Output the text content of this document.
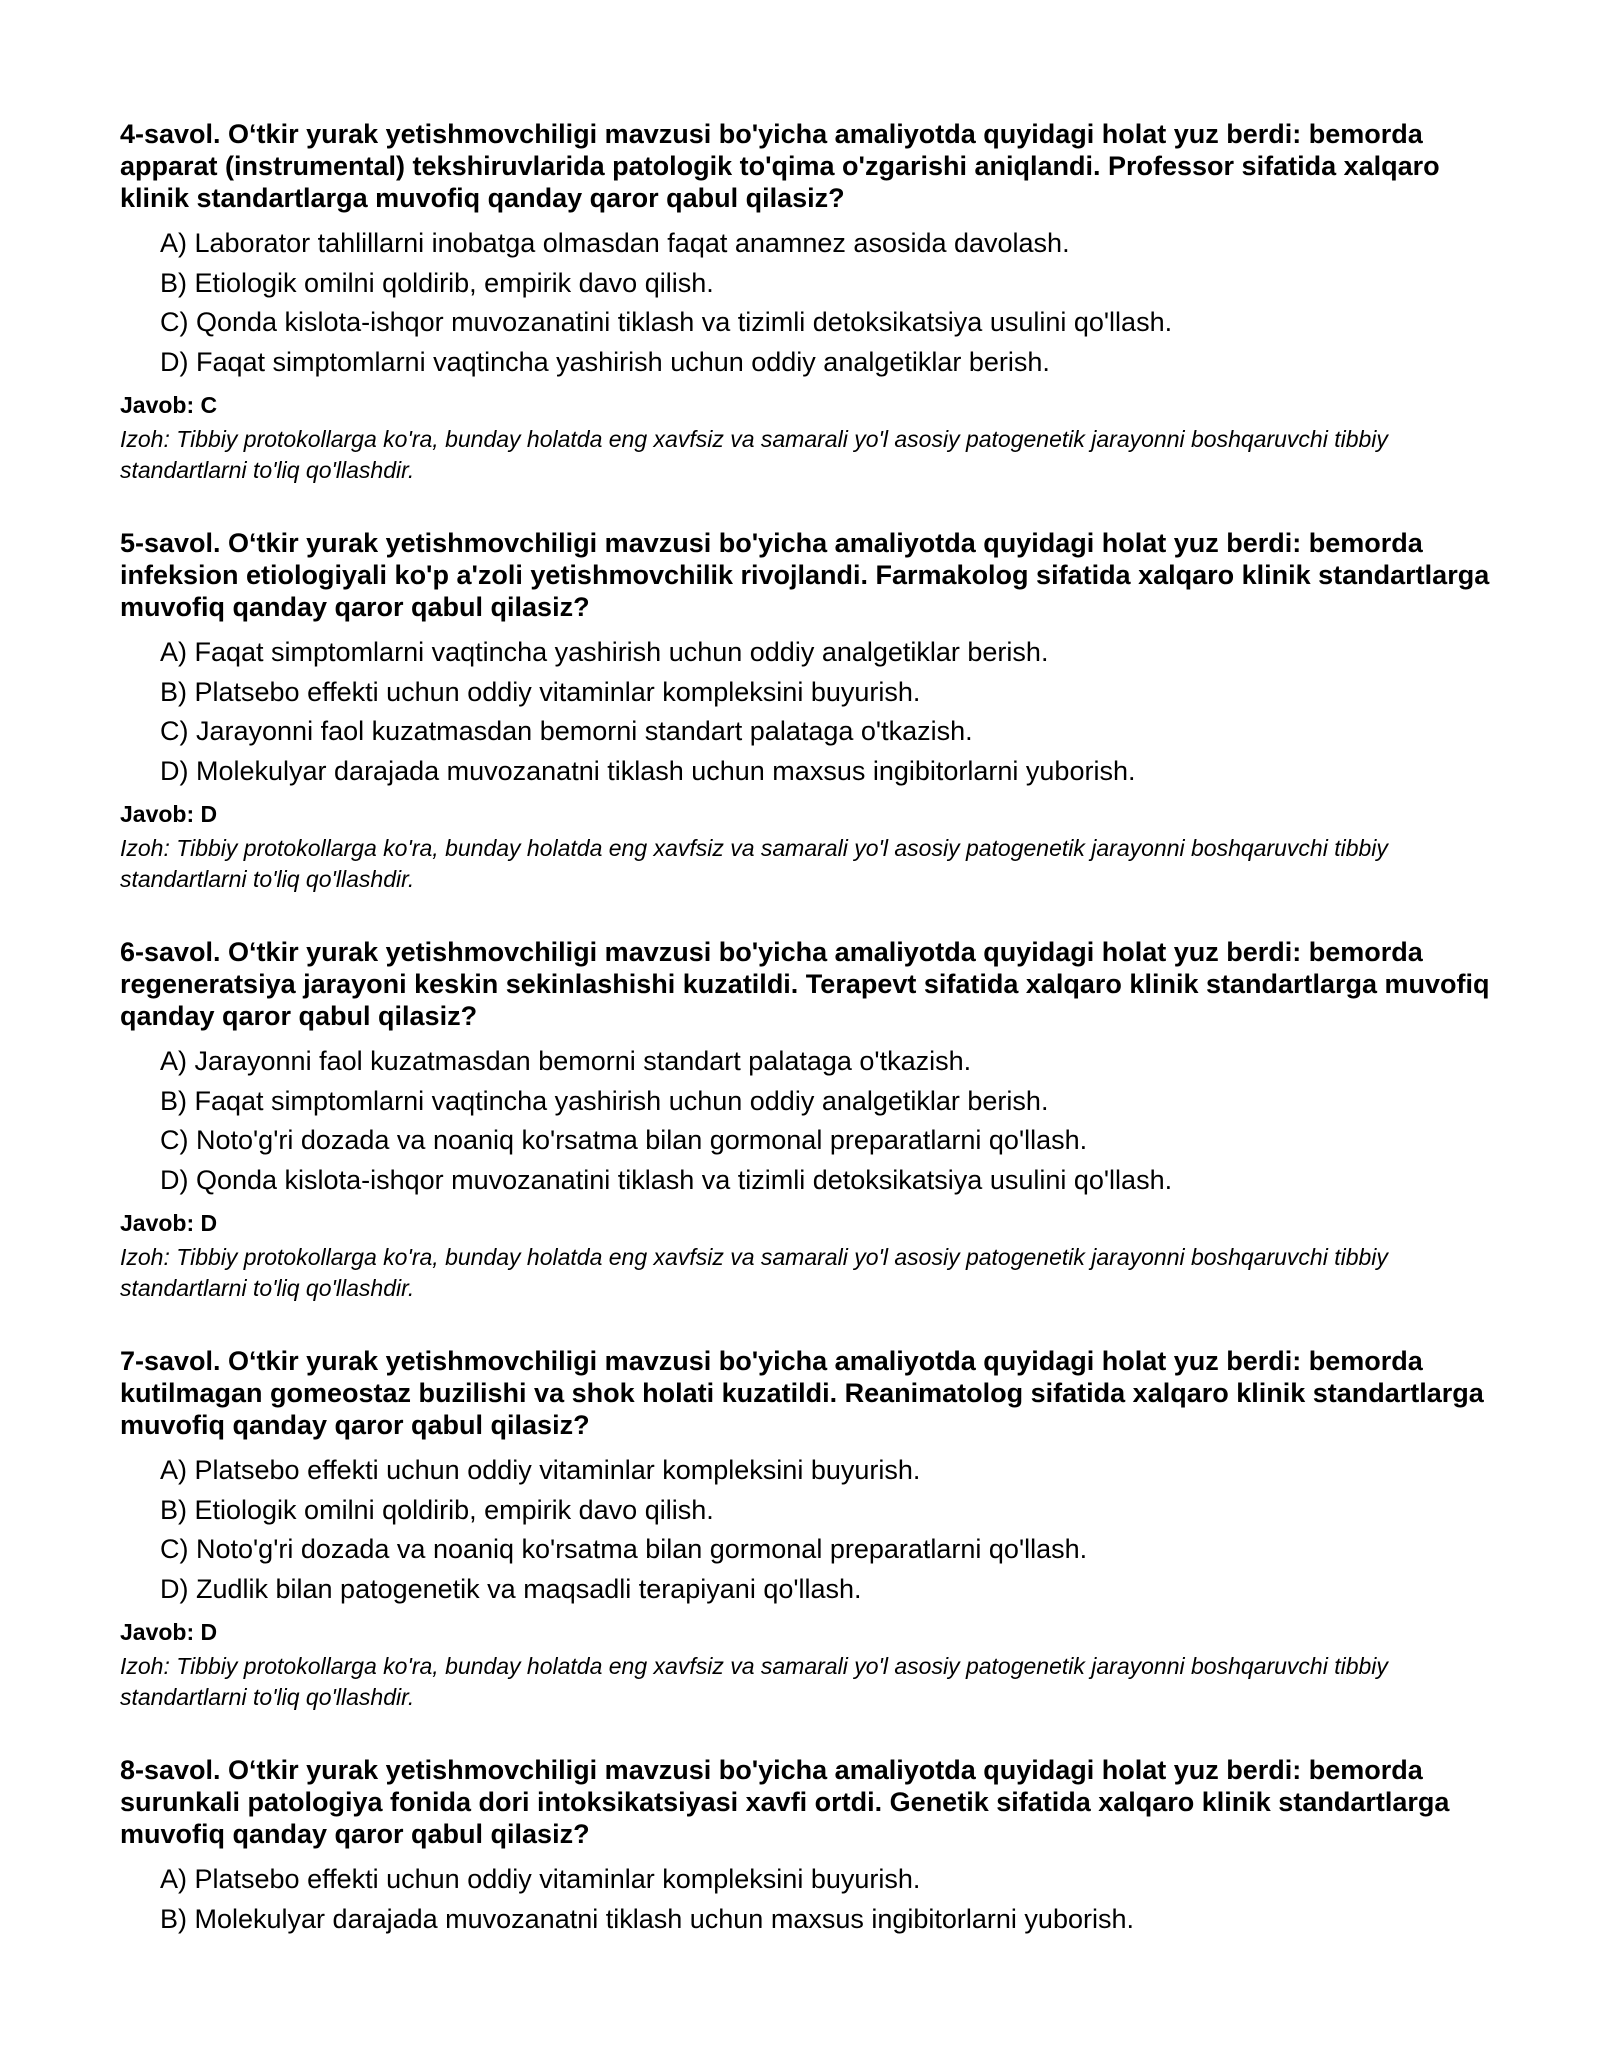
4-savol. O‘tkir yurak yetishmovchiligi mavzusi bo'yicha amaliyotda quyidagi holat yuz berdi: bemorda apparat (instrumental) tekshiruvlarida patologik to'qima o'zgarishi aniqlandi. Professor sifatida xalqaro klinik standartlarga muvofiq qanday qaror qabul qilasiz?

A) Laborator tahlillarni inobatga olmasdan faqat anamnez asosida davolash.
B) Etiologik omilni qoldirib, empirik davo qilish.
C) Qonda kislota-ishqor muvozanatini tiklash va tizimli detoksikatsiya usulini qo'llash.
D) Faqat simptomlarni vaqtincha yashirish uchun oddiy analgetiklar berish.

Javob: C

Izoh: Tibbiy protokollarga ko'ra, bunday holatda eng xavfsiz va samarali yo'l asosiy patogenetik jarayonni boshqaruvchi tibbiy standartlarni to'liq qo'llashdir.

5-savol. O‘tkir yurak yetishmovchiligi mavzusi bo'yicha amaliyotda quyidagi holat yuz berdi: bemorda infeksion etiologiyali ko'p a'zoli yetishmovchilik rivojlandi. Farmakolog sifatida xalqaro klinik standartlarga muvofiq qanday qaror qabul qilasiz?

A) Faqat simptomlarni vaqtincha yashirish uchun oddiy analgetiklar berish.
B) Platsebo effekti uchun oddiy vitaminlar kompleksini buyurish.
C) Jarayonni faol kuzatmasdan bemorni standart palataga o'tkazish.
D) Molekulyar darajada muvozanatni tiklash uchun maxsus ingibitorlarni yuborish.

Javob: D

Izoh: Tibbiy protokollarga ko'ra, bunday holatda eng xavfsiz va samarali yo'l asosiy patogenetik jarayonni boshqaruvchi tibbiy standartlarni to'liq qo'llashdir.

6-savol. O‘tkir yurak yetishmovchiligi mavzusi bo'yicha amaliyotda quyidagi holat yuz berdi: bemorda regeneratsiya jarayoni keskin sekinlashishi kuzatildi. Terapevt sifatida xalqaro klinik standartlarga muvofiq qanday qaror qabul qilasiz?

A) Jarayonni faol kuzatmasdan bemorni standart palataga o'tkazish.
B) Faqat simptomlarni vaqtincha yashirish uchun oddiy analgetiklar berish.
C) Noto'g'ri dozada va noaniq ko'rsatma bilan gormonal preparatlarni qo'llash.
D) Qonda kislota-ishqor muvozanatini tiklash va tizimli detoksikatsiya usulini qo'llash.

Javob: D

Izoh: Tibbiy protokollarga ko'ra, bunday holatda eng xavfsiz va samarali yo'l asosiy patogenetik jarayonni boshqaruvchi tibbiy standartlarni to'liq qo'llashdir.

7-savol. O‘tkir yurak yetishmovchiligi mavzusi bo'yicha amaliyotda quyidagi holat yuz berdi: bemorda kutilmagan gomeostaz buzilishi va shok holati kuzatildi. Reanimatolog sifatida xalqaro klinik standartlarga muvofiq qanday qaror qabul qilasiz?

A) Platsebo effekti uchun oddiy vitaminlar kompleksini buyurish.
B) Etiologik omilni qoldirib, empirik davo qilish.
C) Noto'g'ri dozada va noaniq ko'rsatma bilan gormonal preparatlarni qo'llash.
D) Zudlik bilan patogenetik va maqsadli terapiyani qo'llash.

Javob: D

Izoh: Tibbiy protokollarga ko'ra, bunday holatda eng xavfsiz va samarali yo'l asosiy patogenetik jarayonni boshqaruvchi tibbiy standartlarni to'liq qo'llashdir.

8-savol. O‘tkir yurak yetishmovchiligi mavzusi bo'yicha amaliyotda quyidagi holat yuz berdi: bemorda surunkali patologiya fonida dori intoksikatsiyasi xavfi ortdi. Genetik sifatida xalqaro klinik standartlarga muvofiq qanday qaror qabul qilasiz?

A) Platsebo effekti uchun oddiy vitaminlar kompleksini buyurish.
B) Molekulyar darajada muvozanatni tiklash uchun maxsus ingibitorlarni yuborish.
